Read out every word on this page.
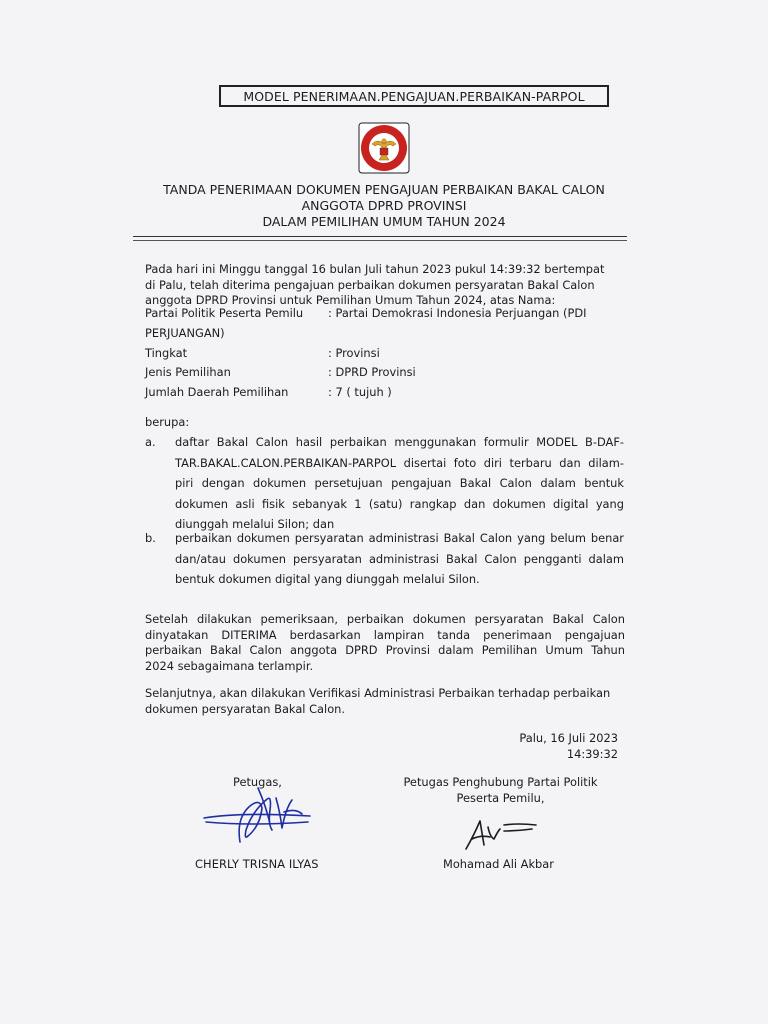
MODEL PENERIMAAN.PENGAJUAN.PERBAIKAN-PARPOL
TANDA PENERIMAAN DOKUMEN PENGAJUAN PERBAIKAN BAKAL CALON
ANGGOTA DPRD PROVINSI
DALAM PEMILIHAN UMUM TAHUN 2024
Pada hari ini Minggu tanggal 16 bulan Juli tahun 2023 pukul 14:39:32 bertempat
di Palu, telah diterima pengajuan perbaikan dokumen persyaratan Bakal Calon
anggota DPRD Provinsi untuk Pemilihan Umum Tahun 2024, atas Nama:
Partai Politik Peserta Pemilu : Partai Demokrasi Indonesia Perjuangan (PDI
PERJUANGAN)
Tingkat	: Provinsi
Jenis Pemilihan	: DPRD Provinsi
Jumlah Daerah Pemilihan	: 7 ( tujuh )
berupa:
a. daftar Bakal Calon hasil perbaikan menggunakan formulir MODEL B-DAF-
TAR.BAKAL.CALON.PERBAIKAN-PARPOL disertai foto diri terbaru dan dilam-
piri dengan dokumen persetujuan pengajuan Bakal Calon dalam bentuk
dokumen asli fisik sebanyak 1 (satu) rangkap dan dokumen digital yang
diunggah melalui Silon; dan
b. perbaikan dokumen persyaratan administrasi Bakal Calon yang belum benar
dan/atau dokumen persyaratan administrasi Bakal Calon pengganti dalam
bentuk dokumen digital yang diunggah melalui Silon.
Setelah dilakukan pemeriksaan, perbaikan dokumen persyaratan Bakal Calon
dinyatakan DITERIMA berdasarkan lampiran tanda penerimaan pengajuan
perbaikan Bakal Calon anggota DPRD Provinsi dalam Pemilihan Umum Tahun
2024 sebagaimana terlampir.
Selanjutnya, akan dilakukan Verifikasi Administrasi Perbaikan terhadap perbaikan
dokumen persyaratan Bakal Calon.
Palu, 16 Juli 2023
14:39:32
Petugas,
CHERLY TRISNA ILYAS
Petugas Penghubung Partai Politik
Peserta Pemilu,
Mohamad Ali Akbar
